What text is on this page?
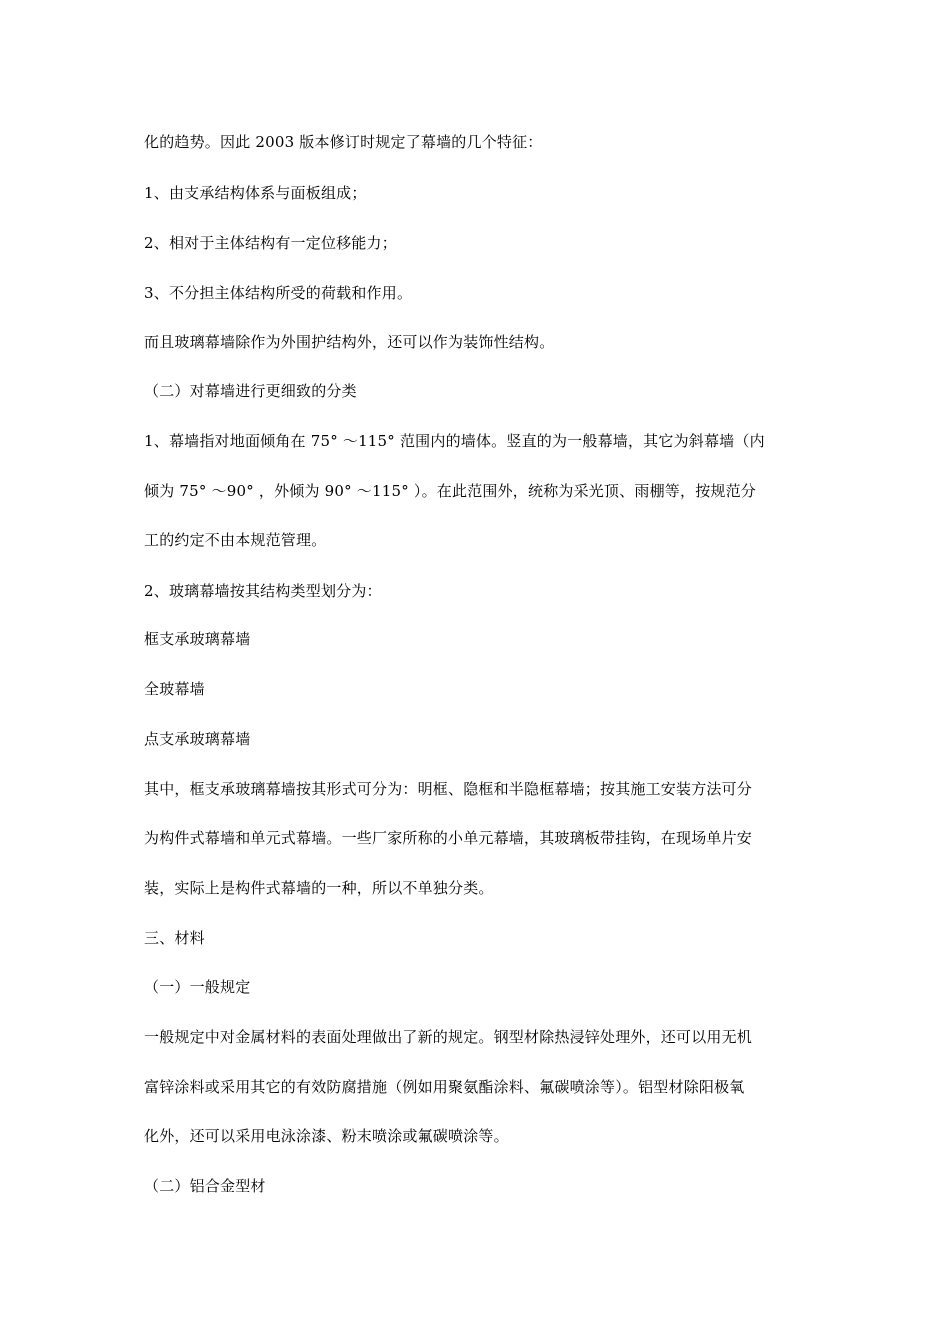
化的趋势。因此 2003 版本修订时规定了幕墙的几个特征：
1、由支承结构体系与面板组成；
2、相对于主体结构有一定位移能力；
3、不分担主体结构所受的荷载和作用。
而且玻璃幕墙除作为外围护结构外，还可以作为装饰性结构。
（二）对幕墙进行更细致的分类
1、幕墙指对地面倾角在 75° ～115° 范围内的墙体。竖直的为一般幕墙，其它为斜幕墙（内
倾为 75° ～90° ，外倾为 90° ～115° ）。在此范围外，统称为采光顶、雨棚等，按规范分
工的约定不由本规范管理。
2、玻璃幕墙按其结构类型划分为：
框支承玻璃幕墙
全玻幕墙
点支承玻璃幕墙
其中，框支承玻璃幕墙按其形式可分为：明框、隐框和半隐框幕墙；按其施工安装方法可分
为构件式幕墙和单元式幕墙。一些厂家所称的小单元幕墙，其玻璃板带挂钩，在现场单片安
装，实际上是构件式幕墙的一种，所以不单独分类。
三、材料
（一）一般规定
一般规定中对金属材料的表面处理做出了新的规定。钢型材除热浸锌处理外，还可以用无机
富锌涂料或采用其它的有效防腐措施（例如用聚氨酯涂料、氟碳喷涂等）。铝型材除阳极氧
化外，还可以采用电泳涂漆、粉末喷涂或氟碳喷涂等。
（二）铝合金型材
